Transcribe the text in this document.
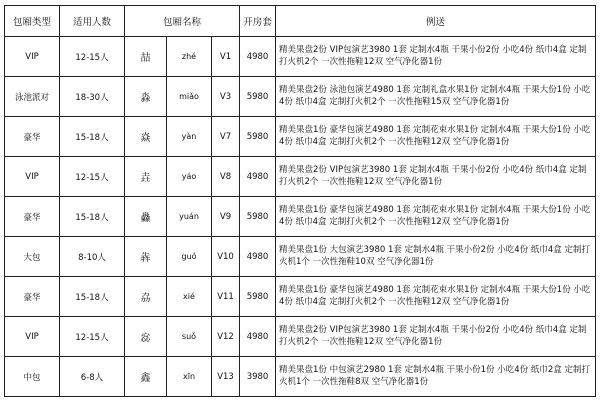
包厢类型	适用人数	包厢名称			开房套	例送
VIP	12-15人	喆	zhé	V1	4980	精美果盘2份 VIP包演艺3980 1套 定制水4瓶 干果小份2份 小吃4份 纸巾4盒 定制打火机2个 一次性拖鞋12双 空气净化器1份
泳池派对	18-30人	淼	miǎo	V3	5980	精美果盘2份 泳池包演艺4980 1套 定制礼盒水果1份 定制水4瓶 干果大份1份 小吃4份 纸巾4盒 定制打火机2个 一次性拖鞋15双 空气净化器1份
豪华	15-18人	焱	yàn	V7	5980	精美果盘1份 豪华包演艺4980 1套 定制花束水果1份 定制水4瓶 干果大份1份 小吃4份 纸巾4盒 定制打火机2个 一次性拖鞋12双 空气净化器1份
VIP	12-15人	垚	yáo	V8	4980	精美果盘2份 VIP包演艺3980 1套 定制水4瓶 干果小份2份 小吃4份 纸巾4盒 定制打火机2个 一次性拖鞋12双 空气净化器1份
豪华	15-18人	灥	yuán	V9	5980	精美果盘1份 豪华包演艺4980 1套 定制花束水果1份 定制水4瓶 干果大份1份 小吃4份 纸巾4盒 定制打火机2个 一次性拖鞋12双 空气净化器1份
大包	8-10人	犇	guó	V10	4980	精美果盘1份 大包演艺3980 1套 定制水4瓶 干果小份2份 小吃4份 纸巾4盒 定制打火机1个 一次性拖鞋10双 空气净化器1份
豪华	15-18人	劦	xié	V11	5980	精美果盘1份 豪华包演艺4980 1套 定制花束水果1份 定制水4瓶 干果大份1份 小吃4份 纸巾4盒 定制打火机2个 一次性拖鞋12双 空气净化器1份
VIP	12-15人	惢	suǒ	V12	4980	精美果盘2份 VIP包演艺3980 1套 定制水4瓶 干果小份2份 小吃4份 纸巾4盒 定制打火机2个 一次性拖鞋12双 空气净化器1份
中包	6-8人	鑫	xīn	V13	3980	精美果盘1份 中包演艺2980 1套 定制水4瓶 干果小份1份 小吃4份 纸巾2盒 定制打火机1个 一次性拖鞋8双 空气净化器1份
